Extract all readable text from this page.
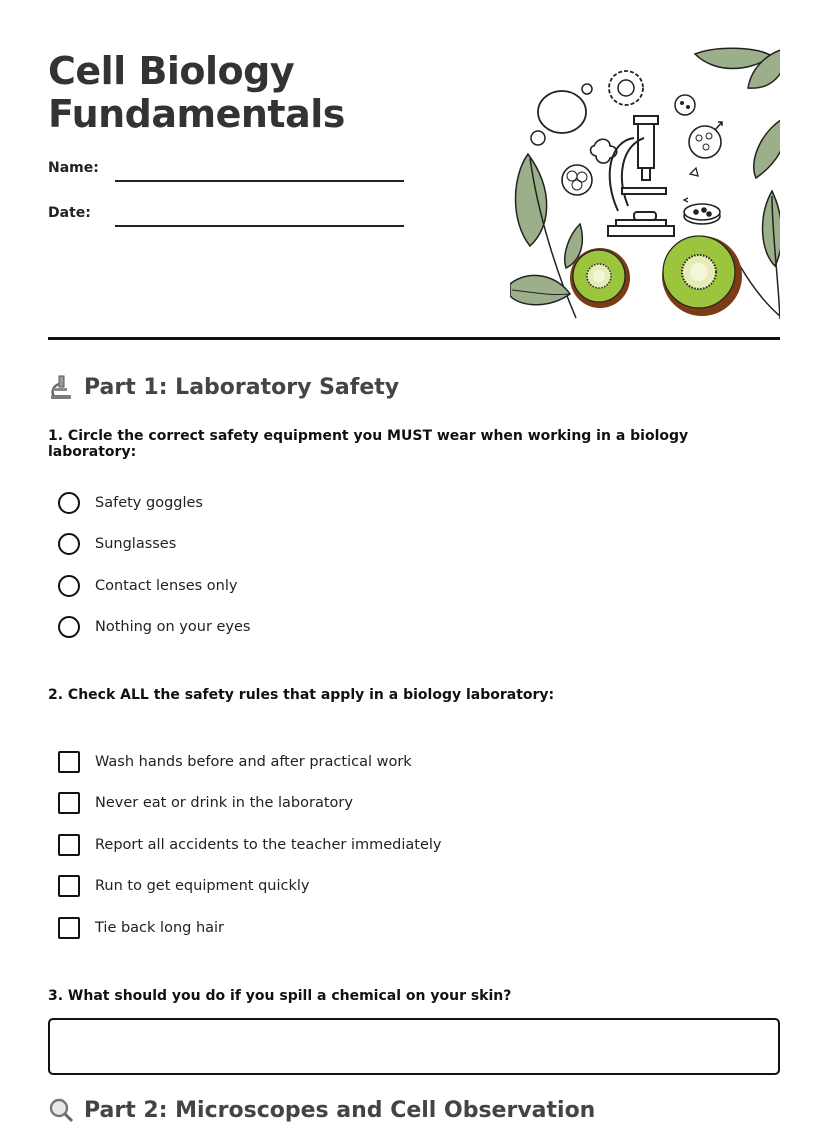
Cell Biology
Fundamentals
Name:
Date:
Part 1: Laboratory Safety

1. Circle the correct safety equipment you MUST wear when working in a biology laboratory:

Safety goggles
Sunglasses
Contact lenses only
Nothing on your eyes

2. Check ALL the safety rules that apply in a biology laboratory:

Wash hands before and after practical work
Never eat or drink in the laboratory
Report all accidents to the teacher immediately
Run to get equipment quickly
Tie back long hair

3. What should you do if you spill a chemical on your skin?

Part 2: Microscopes and Cell Observation
